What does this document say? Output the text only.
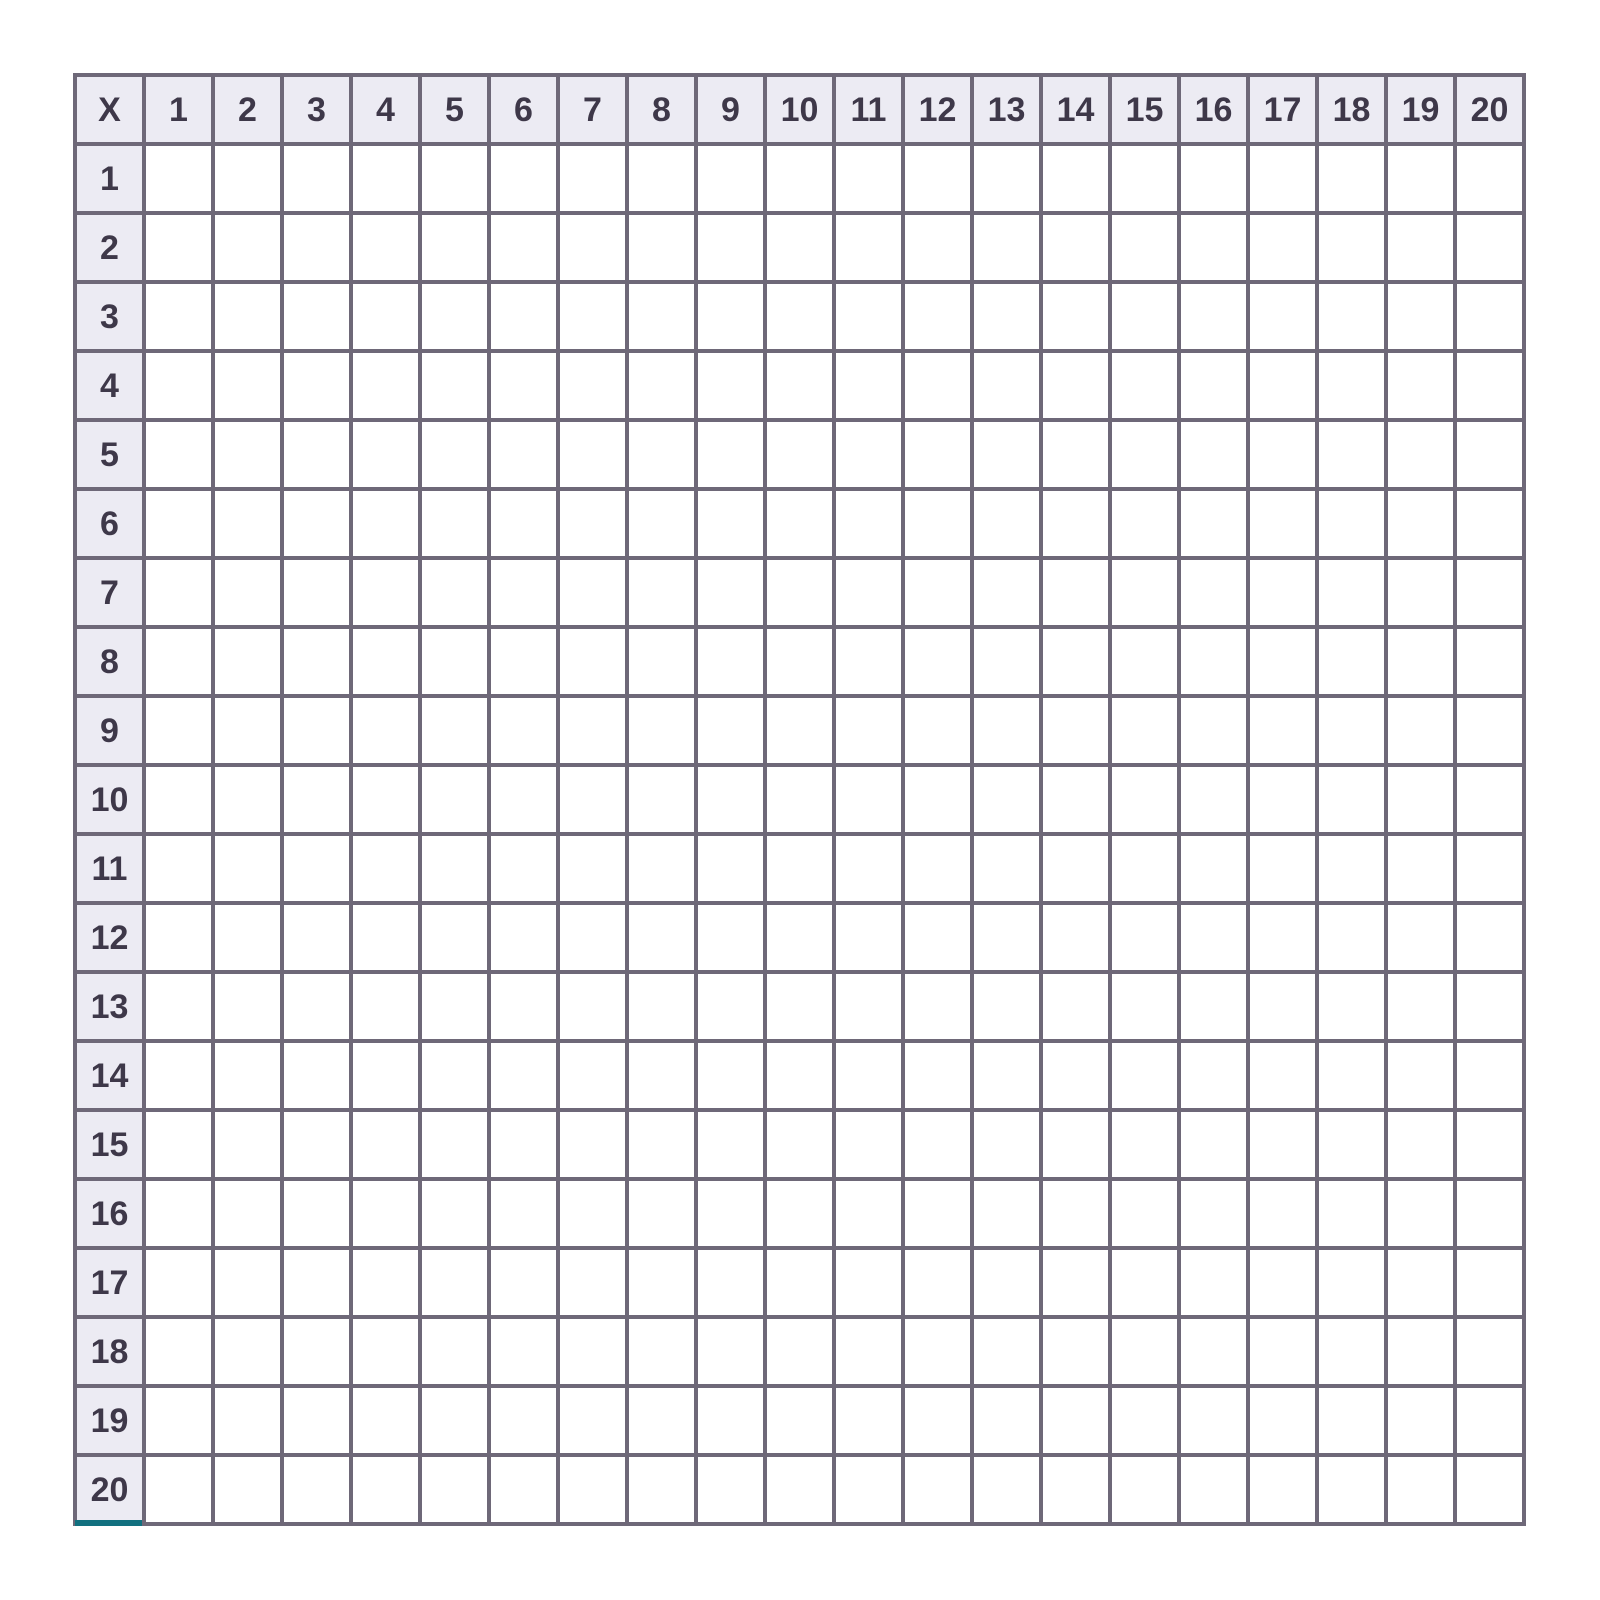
X	1	2	3	4	5	6	7	8	9	10	11	12	13	14	15	16	17	18	19	20
1																				
2																				
3																				
4																				
5																				
6																				
7																				
8																				
9																				
10																				
11																				
12																				
13																				
14																				
15																				
16																				
17																				
18																				
19																				
20																				
